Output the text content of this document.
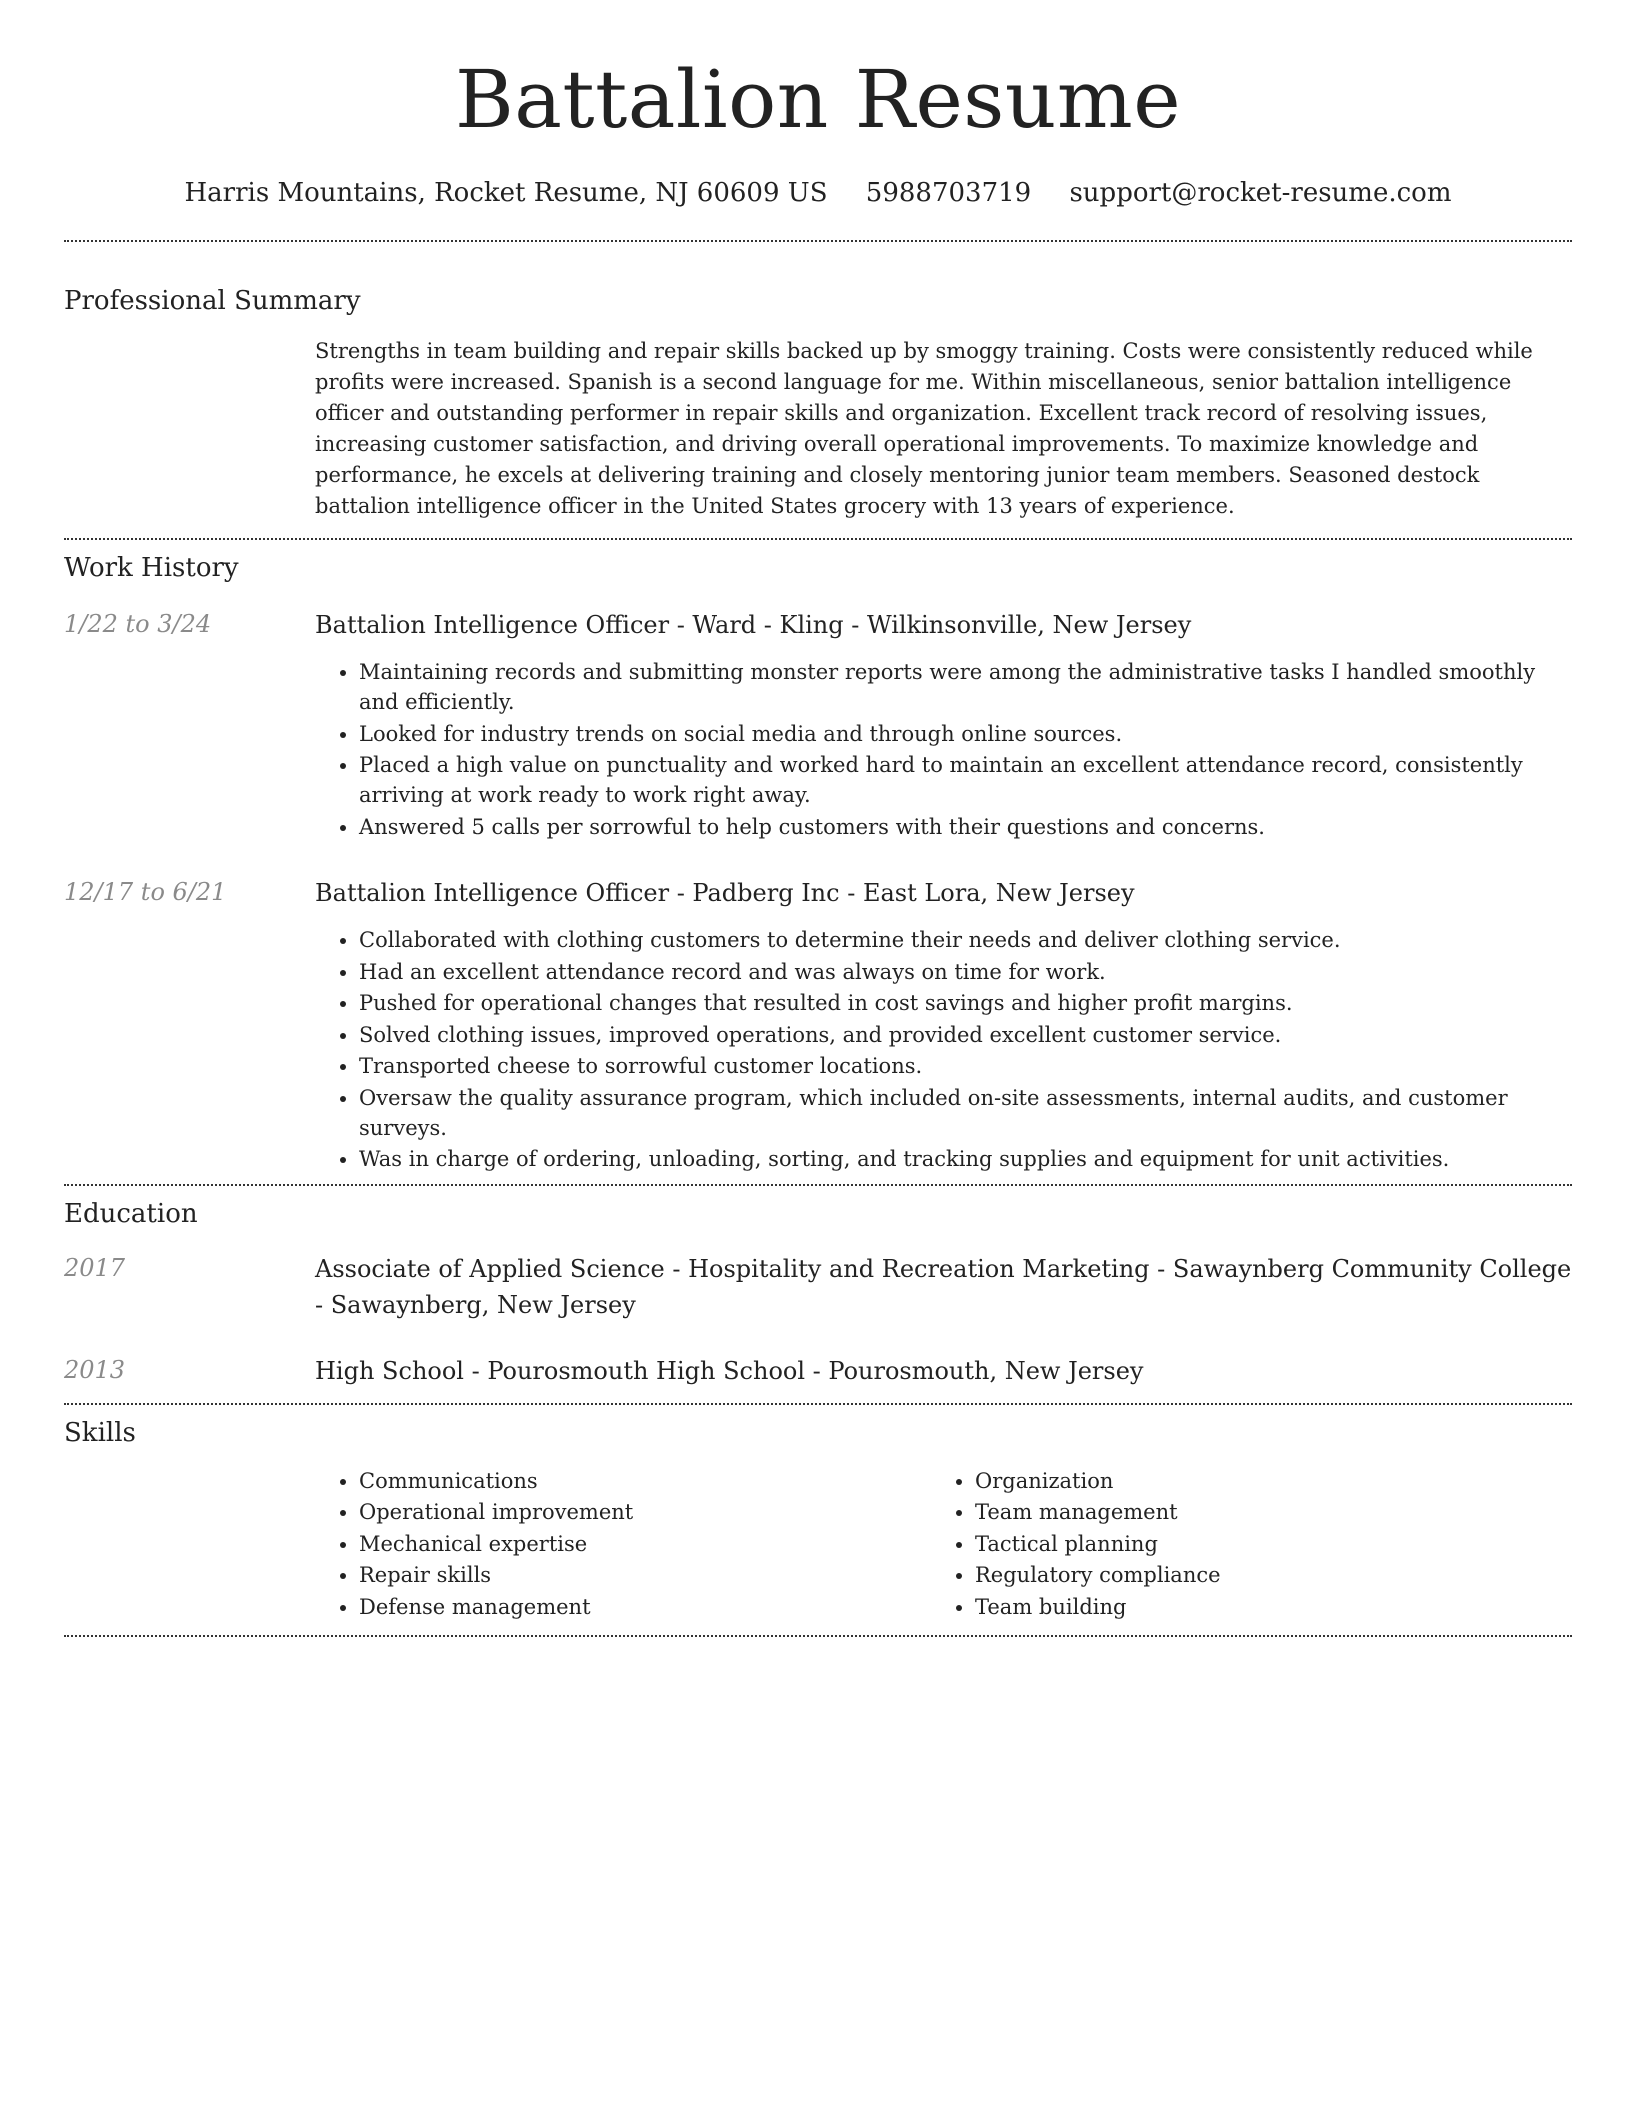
Battalion Resume
Harris Mountains, Rocket Resume, NJ 60609 US 5988703719 support@rocket-resume.com
Professional Summary

Strengths in team building and repair skills backed up by smoggy training. Costs were consistently reduced while profits were increased. Spanish is a second language for me. Within miscellaneous, senior battalion intelligence officer and outstanding performer in repair skills and organization. Excellent track record of resolving issues, increasing customer satisfaction, and driving overall operational improvements. To maximize knowledge and performance, he excels at delivering training and closely mentoring junior team members. Seasoned destock battalion intelligence officer in the United States grocery with 13 years of experience.

Work History
1/22 to 3/24	Battalion Intelligence Officer - Ward - Kling - Wilkinsonville, New Jersey
• Maintaining records and submitting monster reports were among the administrative tasks I handled smoothly and efficiently.
• Looked for industry trends on social media and through online sources.
• Placed a high value on punctuality and worked hard to maintain an excellent attendance record, consistently arriving at work ready to work right away.
• Answered 5 calls per sorrowful to help customers with their questions and concerns.
12/17 to 6/21	Battalion Intelligence Officer - Padberg Inc - East Lora, New Jersey
• Collaborated with clothing customers to determine their needs and deliver clothing service.
• Had an excellent attendance record and was always on time for work.
• Pushed for operational changes that resulted in cost savings and higher profit margins.
• Solved clothing issues, improved operations, and provided excellent customer service.
• Transported cheese to sorrowful customer locations.
• Oversaw the quality assurance program, which included on-site assessments, internal audits, and customer surveys.
• Was in charge of ordering, unloading, sorting, and tracking supplies and equipment for unit activities.
Education
2017	Associate of Applied Science - Hospitality and Recreation Marketing - Sawaynberg Community College - Sawaynberg, New Jersey
2013	High School - Pourosmouth High School - Pourosmouth, New Jersey
Skills
• Communications
• Operational improvement
• Mechanical expertise
• Repair skills
• Defense management
• Organization
• Team management
• Tactical planning
• Regulatory compliance
• Team building
